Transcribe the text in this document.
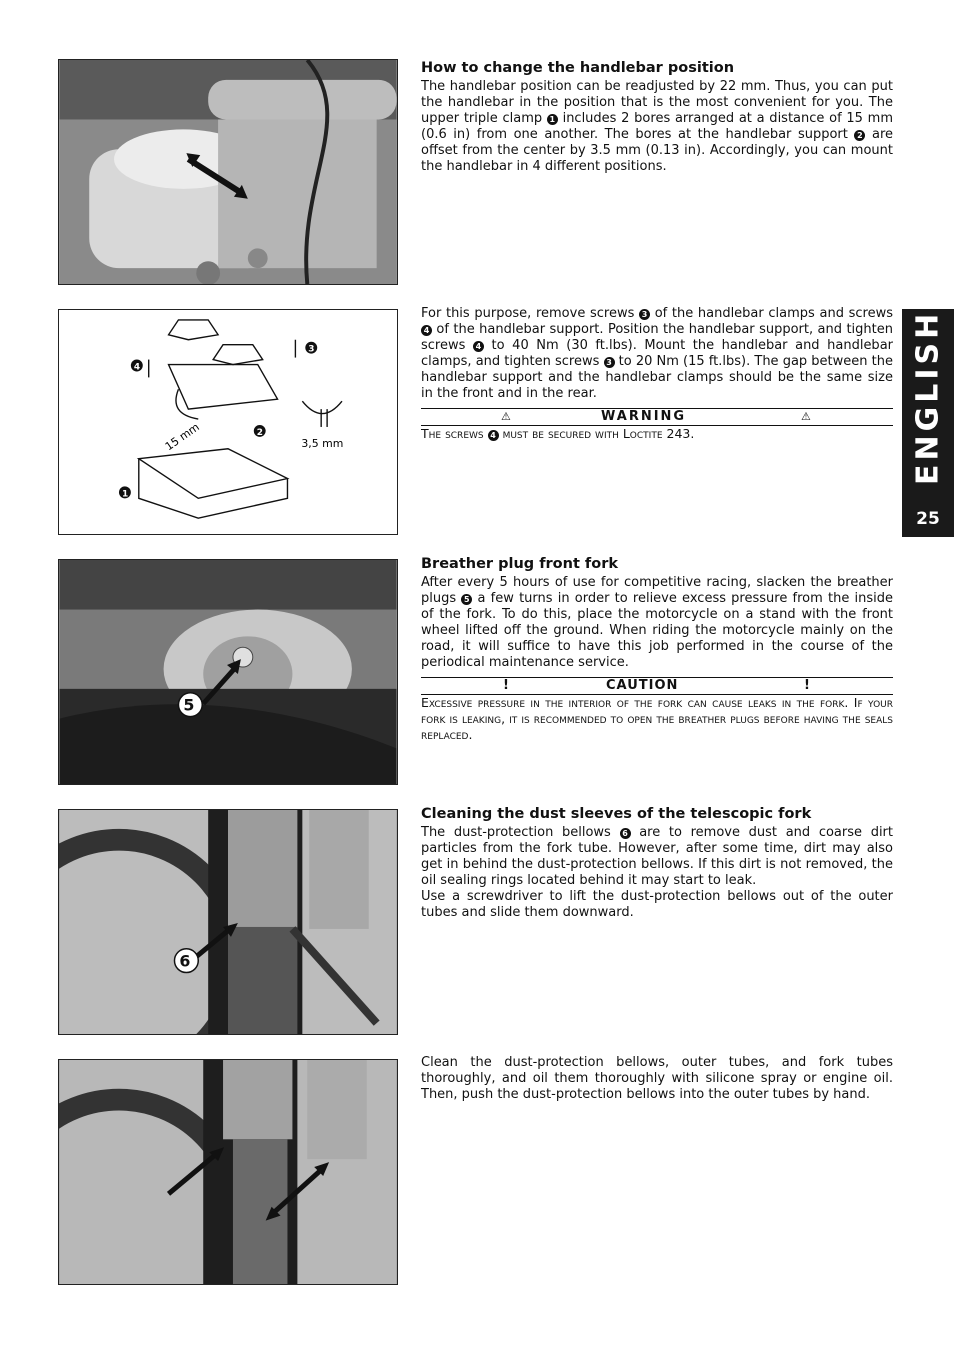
15 mm	3,5 mm
1
2
3
4
5
6
How to change the handlebar position

The handlebar position can be readjusted by 22 mm. Thus, you can put the handlebar in the position that is the most convenient for you. The upper triple clamp 1 includes 2 bores arranged at a distance of 15 mm (0.6 in) from one another. The bores at the handlebar support 2 are offset from the center by 3.5 mm (0.13 in). Accordingly, you can mount the handlebar in 4 different positions.

For this purpose, remove screws 3 of the handlebar clamps and screws 4 of the handlebar support. Position the handlebar support, and tighten screws 4 to 40 Nm (30 ft.lbs). Mount the handlebar and handlebar clamps, and tighten screws 3 to 20 Nm (15 ft.lbs). The gap between the handlebar support and the handlebar clamps should be the same size in the front and in the rear.

⚠	WARNING	⚠

The screws 4 must be secured with Loctite 243.

Breather plug front fork

After every 5 hours of use for competitive racing, slacken the breather plugs 5 a few turns in order to relieve excess pressure from the inside of the fork. To do this, place the motorcycle on a stand with the front wheel lifted off the ground. When riding the motorcycle mainly on the road, it will suffice to have this job performed in the course of the periodical maintenance service.

!	CAUTION	!

Excessive pressure in the interior of the fork can cause leaks in the fork. If your fork is leaking, it is recommended to open the breather plugs before having the seals replaced.

Cleaning the dust sleeves of the telescopic fork

The dust-protection bellows 6 are to remove dust and coarse dirt particles from the fork tube. However, after some time, dirt may also get in behind the dust-protection bellows. If this dirt is not removed, the oil sealing rings located behind it may start to leak.

Use a screwdriver to lift the dust-protection bellows out of the outer tubes and slide them downward.

Clean the dust-protection bellows, outer tubes, and fork tubes thoroughly, and oil them thoroughly with silicone spray or engine oil. Then, push the dust-protection bellows into the outer tubes by hand.

ENGLISH
25
